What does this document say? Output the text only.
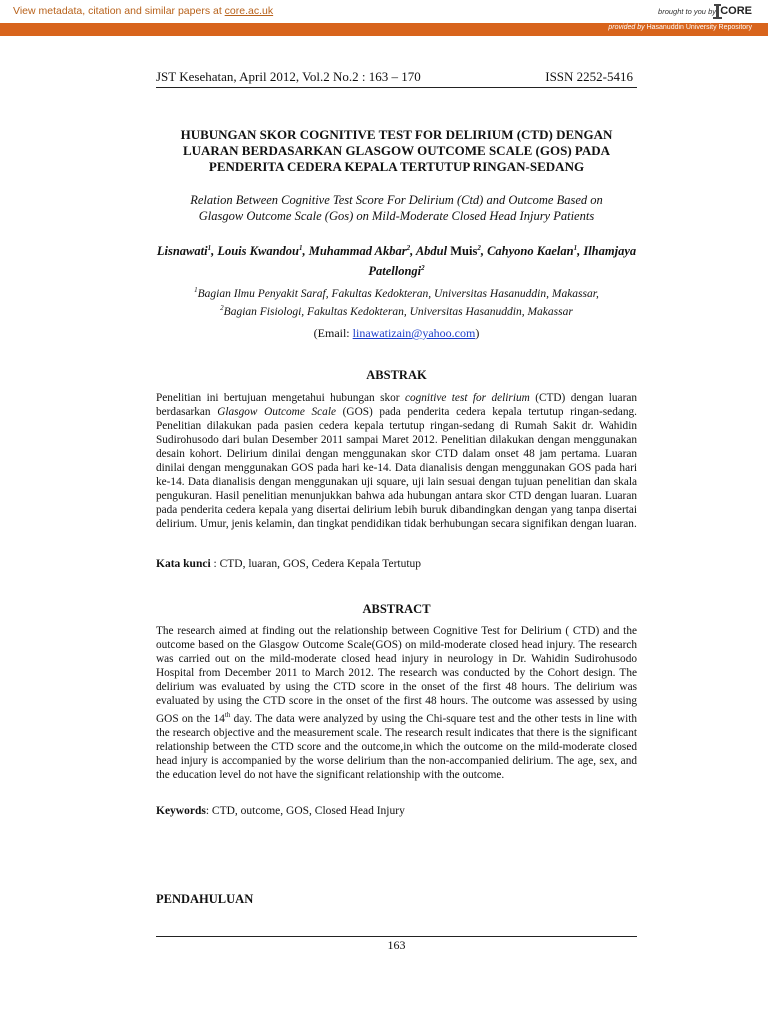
View metadata, citation and similar papers at core.ac.uk	brought to you by CORE
provided by Hasanuddin University Repository
JST Kesehatan, April 2012, Vol.2 No.2 : 163 – 170	ISSN 2252-5416
HUBUNGAN SKOR COGNITIVE TEST FOR DELIRIUM (CTD) DENGAN
LUARAN BERDASARKAN GLASGOW OUTCOME SCALE (GOS) PADA
PENDERITA CEDERA KEPALA TERTUTUP RINGAN-SEDANG
Relation Between Cognitive Test Score For Delirium (Ctd) and Outcome Based on
Glasgow Outcome Scale (Gos) on Mild-Moderate Closed Head Injury Patients
Lisnawati$^1$, Louis Kwandou$^1$, Muhammad Akbar$^2$, Abdul Muis$^2$, Cahyono Kaelan$^1$, Ilhamjaya
Patellongi$^2$
$^1$Bagian Ilmu Penyakit Saraf, Fakultas Kedokteran, Universitas Hasanuddin, Makassar,
$^2$Bagian Fisiologi, Fakultas Kedokteran, Universitas Hasanuddin, Makassar
(Email: linawatizain@yahoo.com)
ABSTRAK
Penelitian ini bertujuan mengetahui hubungan skor cognitive test for delirium (CTD) dengan luaran berdasarkan Glasgow Outcome Scale (GOS) pada penderita cedera kepala tertutup ringan-sedang. Penelitian dilakukan pada pasien cedera kepala tertutup ringan-sedang di Rumah Sakit dr. Wahidin Sudirohusodo dari bulan Desember 2011 sampai Maret 2012. Penelitian dilakukan dengan menggunakan desain kohort. Delirium dinilai dengan menggunakan skor CTD dalam onset 48 jam pertama. Luaran dinilai dengan menggunakan GOS pada hari ke-14. Data dianalisis dengan menggunakan GOS pada hari ke-14. Data dianalisis dengan menggunakan uji square, uji lain sesuai dengan tujuan penelitian dan skala pengukuran. Hasil penelitian menunjukkan bahwa ada hubungan antara skor CTD dengan luaran. Luaran pada penderita cedera kepala yang disertai delirium lebih buruk dibandingkan dengan yang tanpa disertai delirium. Umur, jenis kelamin, dan tingkat pendidikan tidak berhubungan secara signifikan dengan luaran.
Kata kunci : CTD, luaran, GOS, Cedera Kepala Tertutup
ABSTRACT
The research aimed at finding out the relationship between Cognitive Test for Delirium ( CTD) and the outcome based on the Glasgow Outcome Scale(GOS) on mild-moderate closed head injury. The research was carried out on the mild-moderate closed head injury in neurology in Dr. Wahidin Sudirohusodo Hospital from December 2011 to March 2012. The research was conducted by the Cohort design. The delirium was evaluated by using the CTD score in the onset of the first 48 hours. The delirium was evaluated by using the CTD score in the onset of the first 48 hours. The outcome was assessed by using GOS on the 14th day. The data were analyzed by using the Chi-square test and the other tests in line with the research objective and the measurement scale. The research result indicates that there is the significant relationship between the CTD score and the outcome,in which the outcome on the mild-moderate closed head injury is accompanied by the worse delirium than the non-accompanied delirium. The age, sex, and the education level do not have the significant relationship with the outcome.
Keywords: CTD, outcome, GOS, Closed Head Injury
PENDAHULUAN
163
